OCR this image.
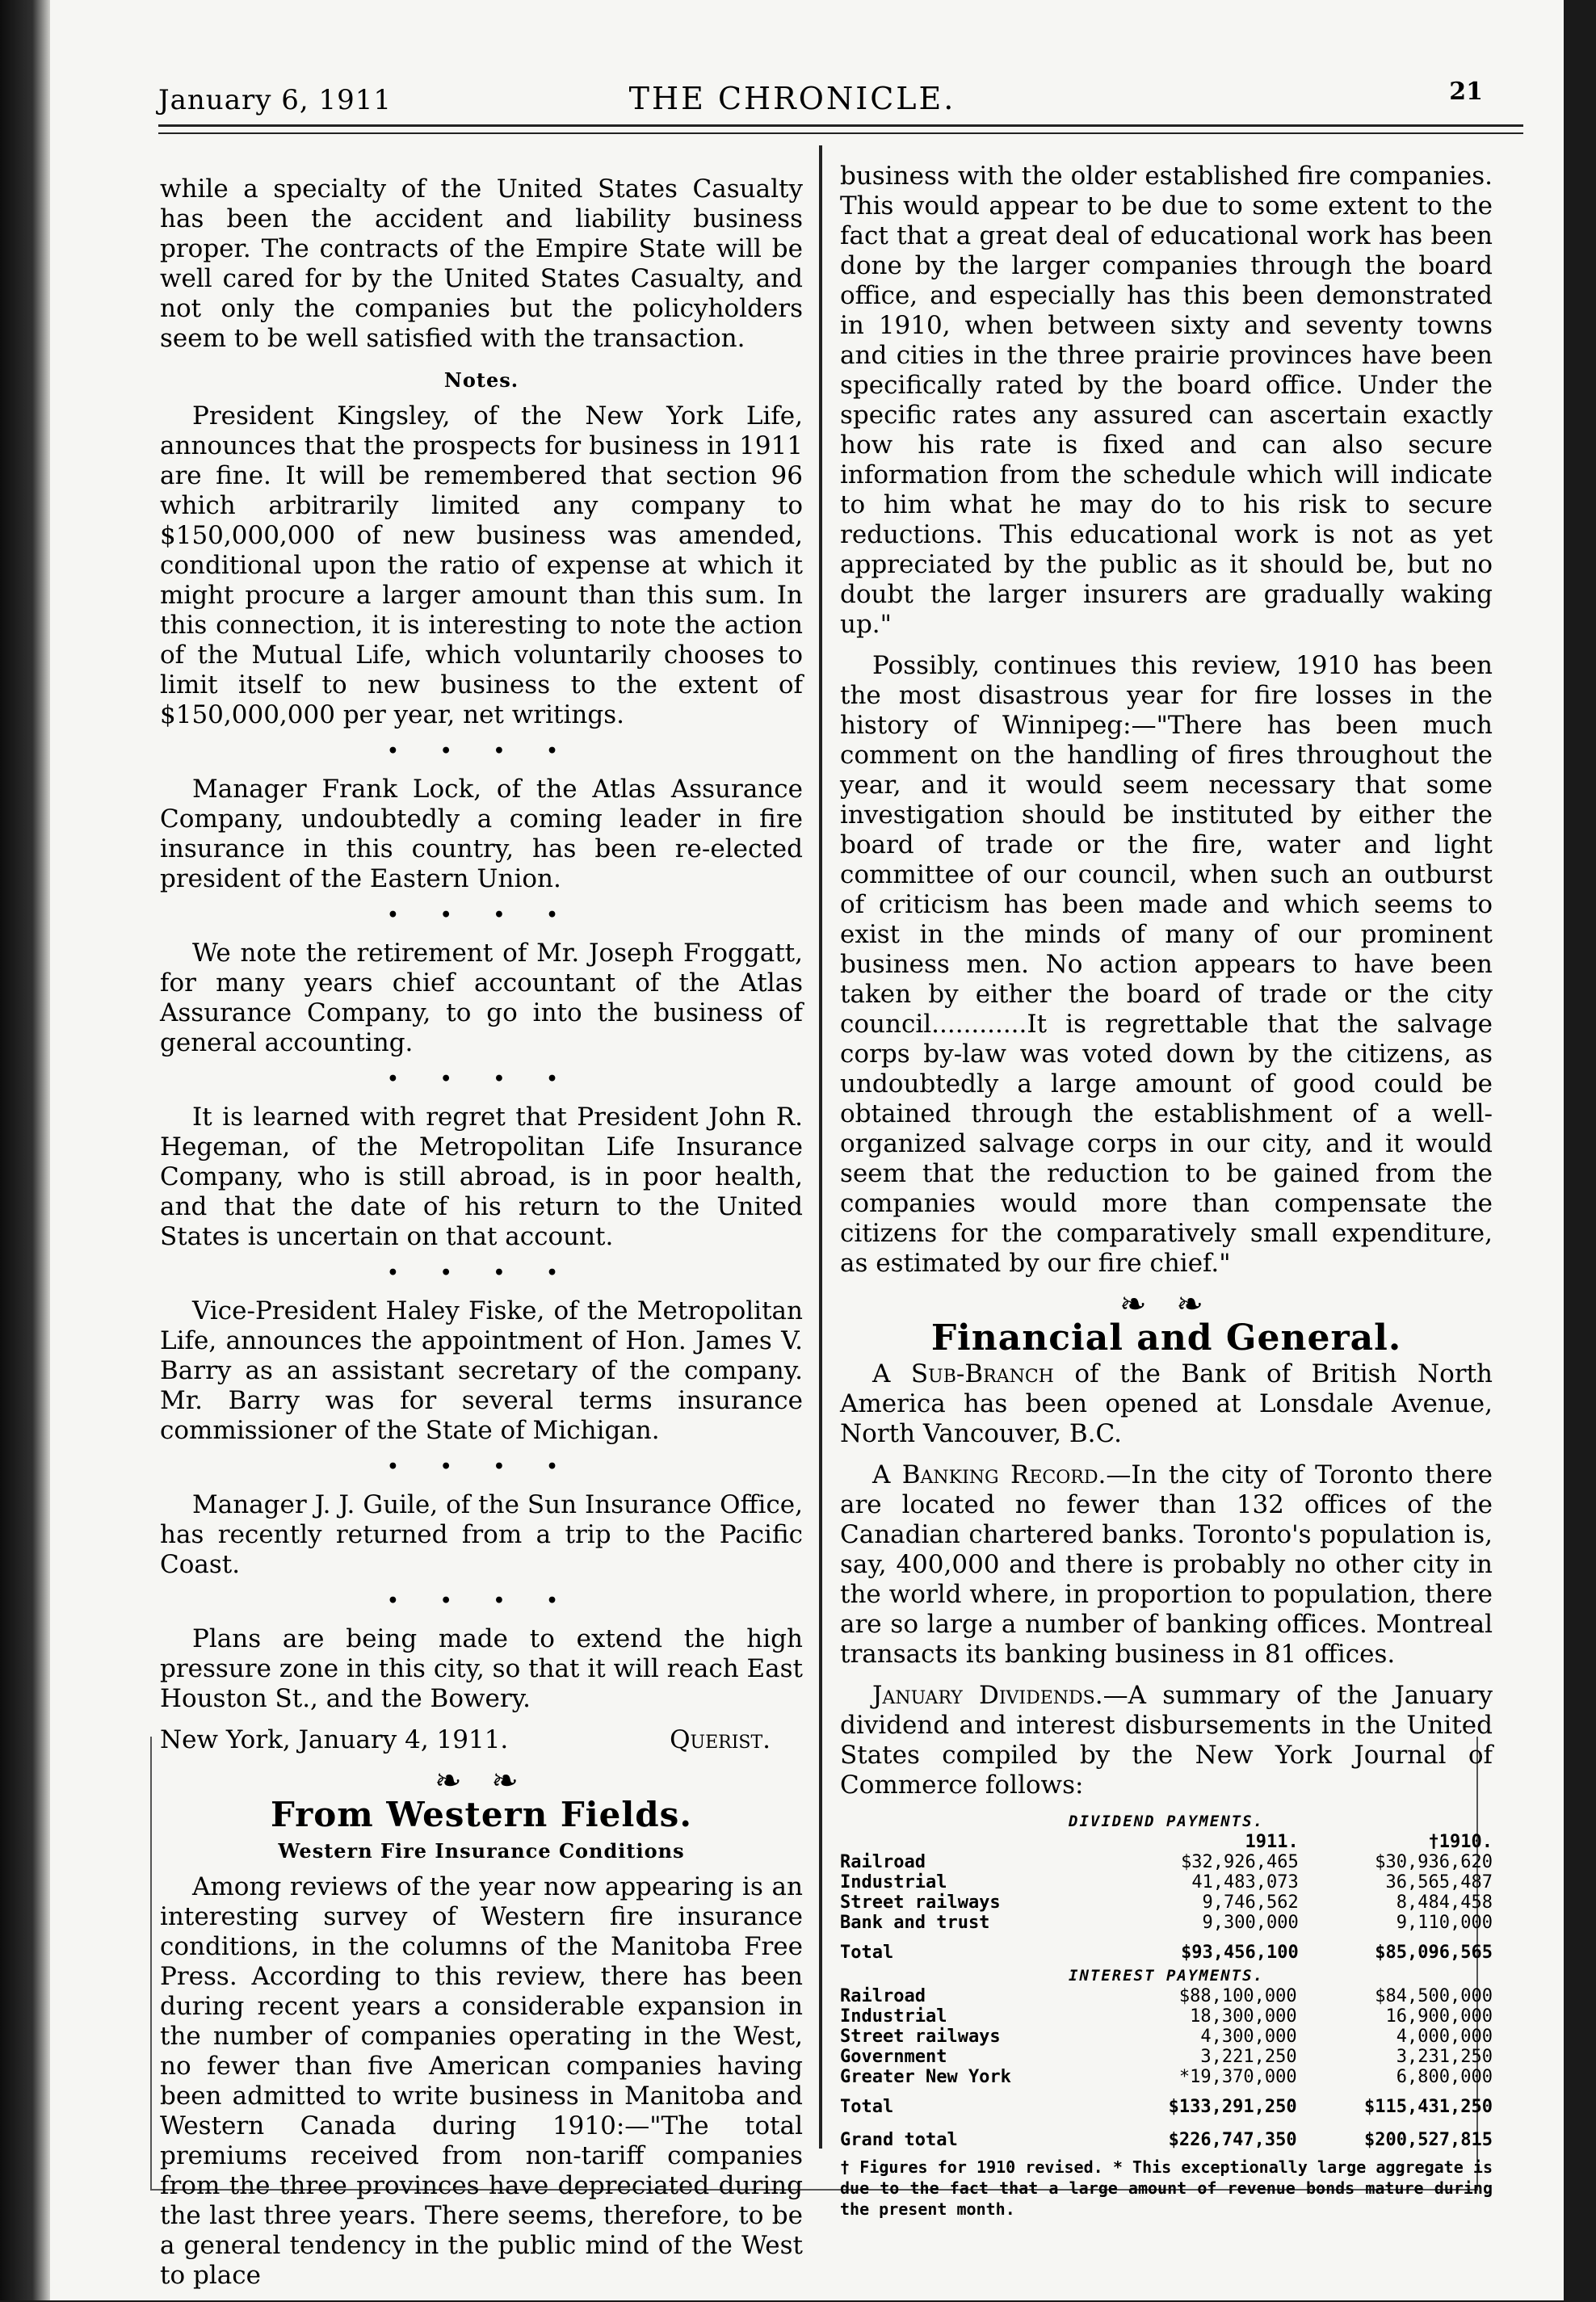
January 6, 1911	THE CHRONICLE.	21

while a specialty of the United States Casualty has been the accident and liability business proper. The contracts of the Empire State will be well cared for by the United States Casualty, and not only the companies but the policyholders seem to be well satisfied with the transaction.

Notes.

President Kingsley, of the New York Life, announces that the prospects for business in 1911 are fine. It will be remembered that section 96 which arbitrarily limited any company to $150,000,000 of new business was amended, conditional upon the ratio of expense at which it might procure a larger amount than this sum. In this connection, it is interesting to note the action of the Mutual Life, which voluntarily chooses to limit itself to new business to the extent of $150,000,000 per year, net writings.

• • • •

Manager Frank Lock, of the Atlas Assurance Company, undoubtedly a coming leader in fire insurance in this country, has been re-elected president of the Eastern Union.

• • • •

We note the retirement of Mr. Joseph Froggatt, for many years chief accountant of the Atlas Assurance Company, to go into the business of general accounting.

• • • •

It is learned with regret that President John R. Hegeman, of the Metropolitan Life Insurance Company, who is still abroad, is in poor health, and that the date of his return to the United States is uncertain on that account.

• • • •

Vice-President Haley Fiske, of the Metropolitan Life, announces the appointment of Hon. James V. Barry as an assistant secretary of the company. Mr. Barry was for several terms insurance commissioner of the State of Michigan.

• • • •

Manager J. J. Guile, of the Sun Insurance Office, has recently returned from a trip to the Pacific Coast.

• • • •

Plans are being made to extend the high pressure zone in this city, so that it will reach East Houston St., and the Bowery.

New York, January 4, 1911.	Querist.
❧ ❧
From Western Fields.
Western Fire Insurance Conditions

Among reviews of the year now appearing is an interesting survey of Western fire insurance conditions, in the columns of the Manitoba Free Press. According to this review, there has been during recent years a considerable expansion in the number of companies operating in the West, no fewer than five American companies having been admitted to write business in Manitoba and Western Canada during 1910:—"The total premiums received from non-tariff companies from the three provinces have depreciated during the last three years. There seems, therefore, to be a general tendency in the public mind of the West to place

business with the older established fire companies. This would appear to be due to some extent to the fact that a great deal of educational work has been done by the larger companies through the board office, and especially has this been demonstrated in 1910, when between sixty and seventy towns and cities in the three prairie provinces have been specifically rated by the board office. Under the specific rates any assured can ascertain exactly how his rate is fixed and can also secure information from the schedule which will indicate to him what he may do to his risk to secure reductions. This educational work is not as yet appreciated by the public as it should be, but no doubt the larger insurers are gradually waking up."

Possibly, continues this review, 1910 has been the most disastrous year for fire losses in the history of Winnipeg:—"There has been much comment on the handling of fires throughout the year, and it would seem necessary that some investigation should be instituted by either the board of trade or the fire, water and light committee of our council, when such an outburst of criticism has been made and which seems to exist in the minds of many of our prominent business men. No action appears to have been taken by either the board of trade or the city council............It is regrettable that the salvage corps by-law was voted down by the citizens, as undoubtedly a large amount of good could be obtained through the establishment of a well-organized salvage corps in our city, and it would seem that the reduction to be gained from the companies would more than compensate the citizens for the comparatively small expenditure, as estimated by our fire chief."

❧ ❧
Financial and General.

A Sub-Branch of the Bank of British North America has been opened at Lonsdale Avenue, North Vancouver, B.C.

A Banking Record.—In the city of Toronto there are located no fewer than 132 offices of the Canadian chartered banks. Toronto's population is, say, 400,000 and there is probably no other city in the world where, in proportion to population, there are so large a number of banking offices. Montreal transacts its banking business in 81 offices.

January Dividends.—A summary of the January dividend and interest disbursements in the United States compiled by the New York Journal of Commerce follows:

DIVIDEND PAYMENTS.
	1911.	†1910.
Railroad	$32,926,465	$30,936,620
Industrial	41,483,073	36,565,487
Street railways	9,746,562	8,484,458
Bank and trust	9,300,000	9,110,000
Total	$93,456,100	$85,096,565
INTEREST PAYMENTS.
Railroad	$88,100,000	$84,500,000
Industrial	18,300,000	16,900,000
Street railways	4,300,000	4,000,000
Government	3,221,250	3,231,250
Greater New York	*19,370,000	6,800,000
Total	$133,291,250	$115,431,250
Grand total	$226,747,350	$200,527,815
† Figures for 1910 revised. * This exceptionally large aggregate is due to the fact that a large amount of revenue bonds mature during the present month.
